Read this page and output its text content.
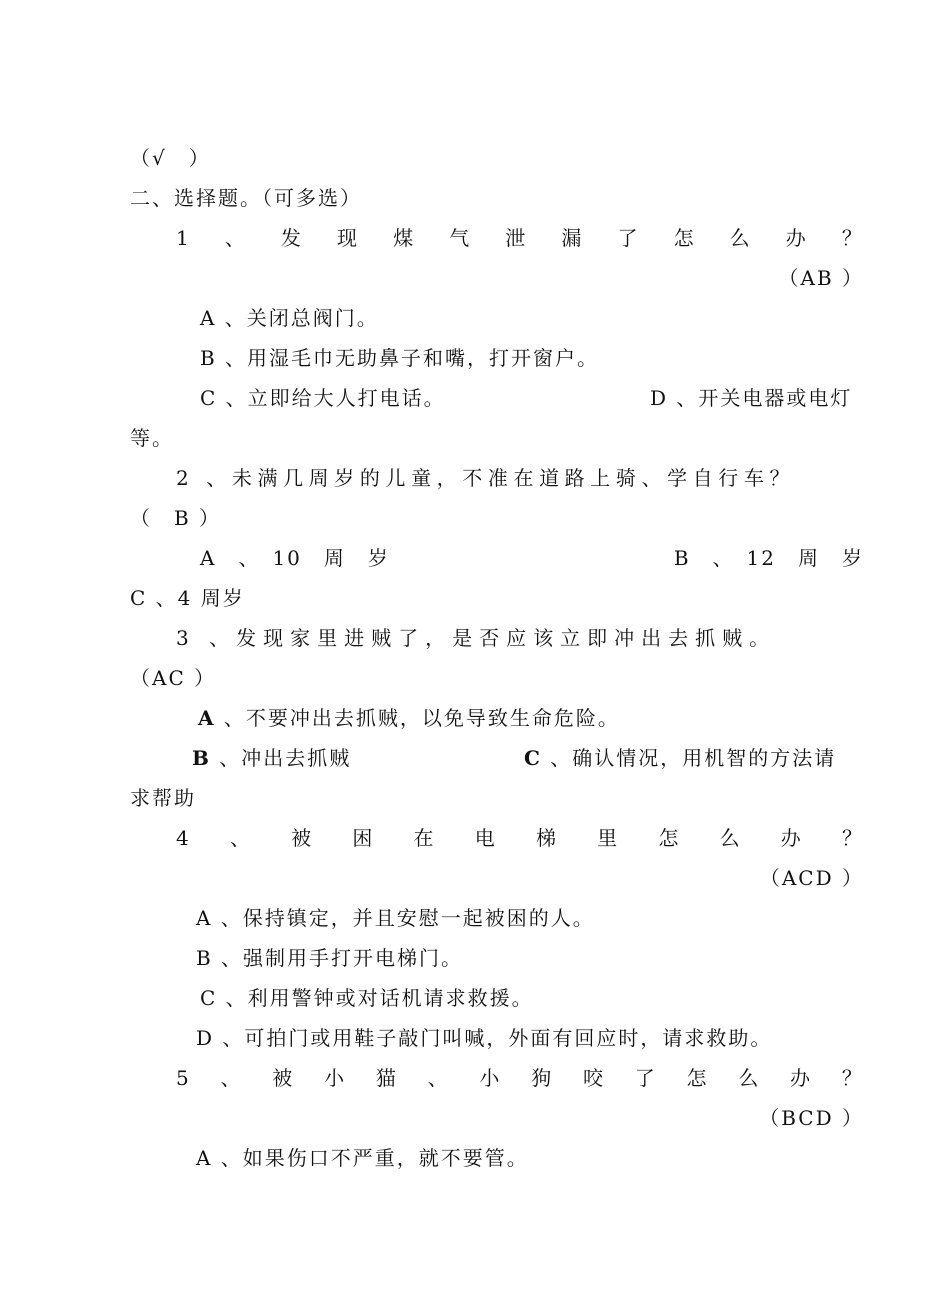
（√　）
二、选择题。（可多选）
1 、 发 现 煤 气 泄 漏 了 怎 么 办 ？
（AB ）
A 、关闭总阀门。
B 、用湿毛巾无助鼻子和嘴，打开窗户。
C 、立即给大人打电话。	D 、开关电器或电灯
等。
2 、未满几周岁的儿童，不准在道路上骑、学自行车？
（　B ）
A　、　10　周　岁	B　、　12　周　岁
C 、4 周岁
3 、发现家里进贼了，是否应该立即冲出去抓贼。
（AC ）
A 、不要冲出去抓贼，以免导致生命危险。
B 、冲出去抓贼	C 、确认情况，用机智的方法请
求帮助
4 、 被 困 在 电 梯 里 怎 么 办 ？
（ACD ）
A 、保持镇定，并且安慰一起被困的人。
B 、强制用手打开电梯门。
C 、利用警钟或对话机请求救援。
D 、可拍门或用鞋子敲门叫喊，外面有回应时，请求救助。
5 、 被 小 猫 、 小 狗 咬 了 怎 么 办 ？
（BCD ）
A 、如果伤口不严重，就不要管。
